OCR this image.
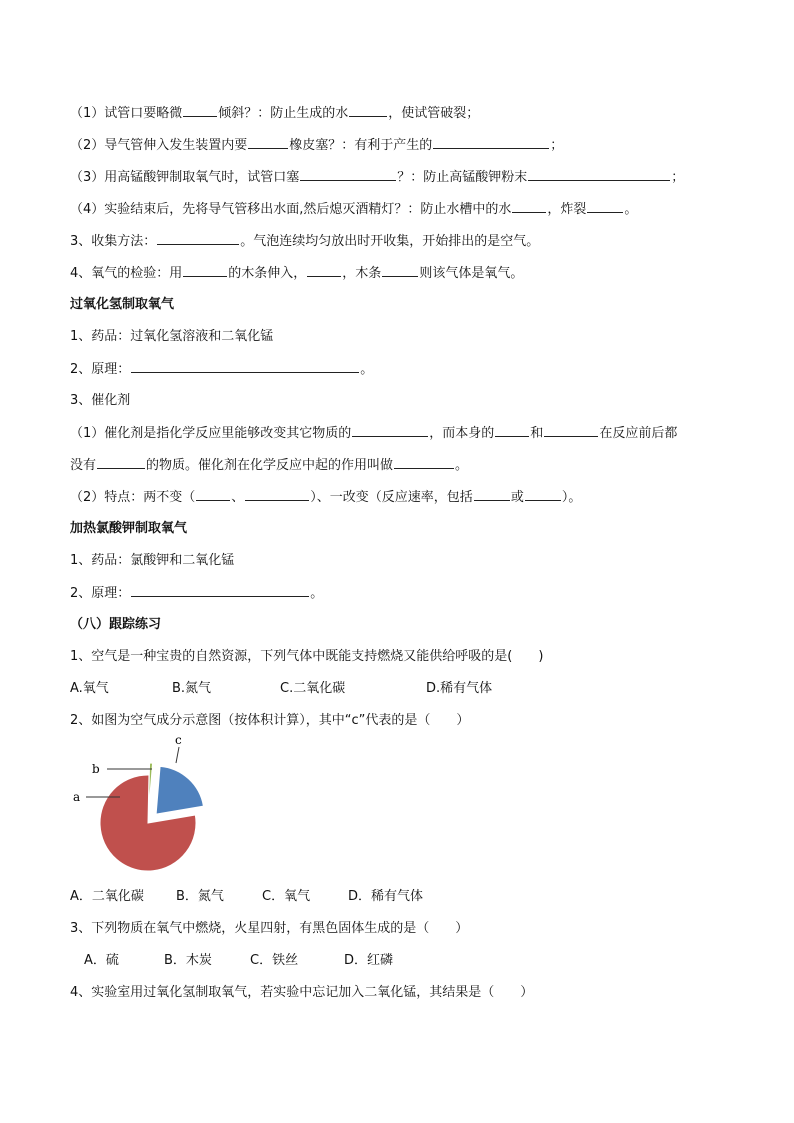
（1）试管口要略微	倾斜？：防止生成的水	，使试管破裂；
（2）导气管伸入发生装置内要	橡皮塞？：有利于产生的	；
（3）用高锰酸钾制取氧气时，试管口塞	？：防止高锰酸钾粉末	；
（4）实验结束后，先将导气管移出水面,然后熄灭酒精灯？：防止水槽中的水	，炸裂	。
3、收集方法：	。气泡连续均匀放出时开收集，开始排出的是空气。
4、氧气的检验：用	的木条伸入，	，木条	则该气体是氧气。
过氧化氢制取氧气
1、药品：过氧化氢溶液和二氧化锰
2、原理：	。
3、催化剂
（1）催化剂是指化学反应里能够改变其它物质的	，而本身的	和	在反应前后都
没有	的物质。催化剂在化学反应中起的作用叫做	。
（2）特点：两不变（	、	）、一改变（反应速率，包括	或	）。
加热氯酸钾制取氧气
1、药品：氯酸钾和二氧化锰
2、原理：	。
（八）跟踪练习
1、空气是一种宝贵的自然资源，下列气体中既能支持燃烧又能供给呼吸的是(　　)
A.氧气	B.氮气	C.二氧化碳	D.稀有气体
2、如图为空气成分示意图（按体积计算），其中“c”代表的是（　　）
b
a
c
A．二氧化碳 B．氮气	C．氧气	D．稀有气体
3、下列物质在氧气中燃烧，火星四射，有黑色固体生成的是（　　）
A．硫	B．木炭	C．铁丝	D．红磷
4、实验室用过氧化氢制取氧气，若实验中忘记加入二氧化锰，其结果是（　　）
